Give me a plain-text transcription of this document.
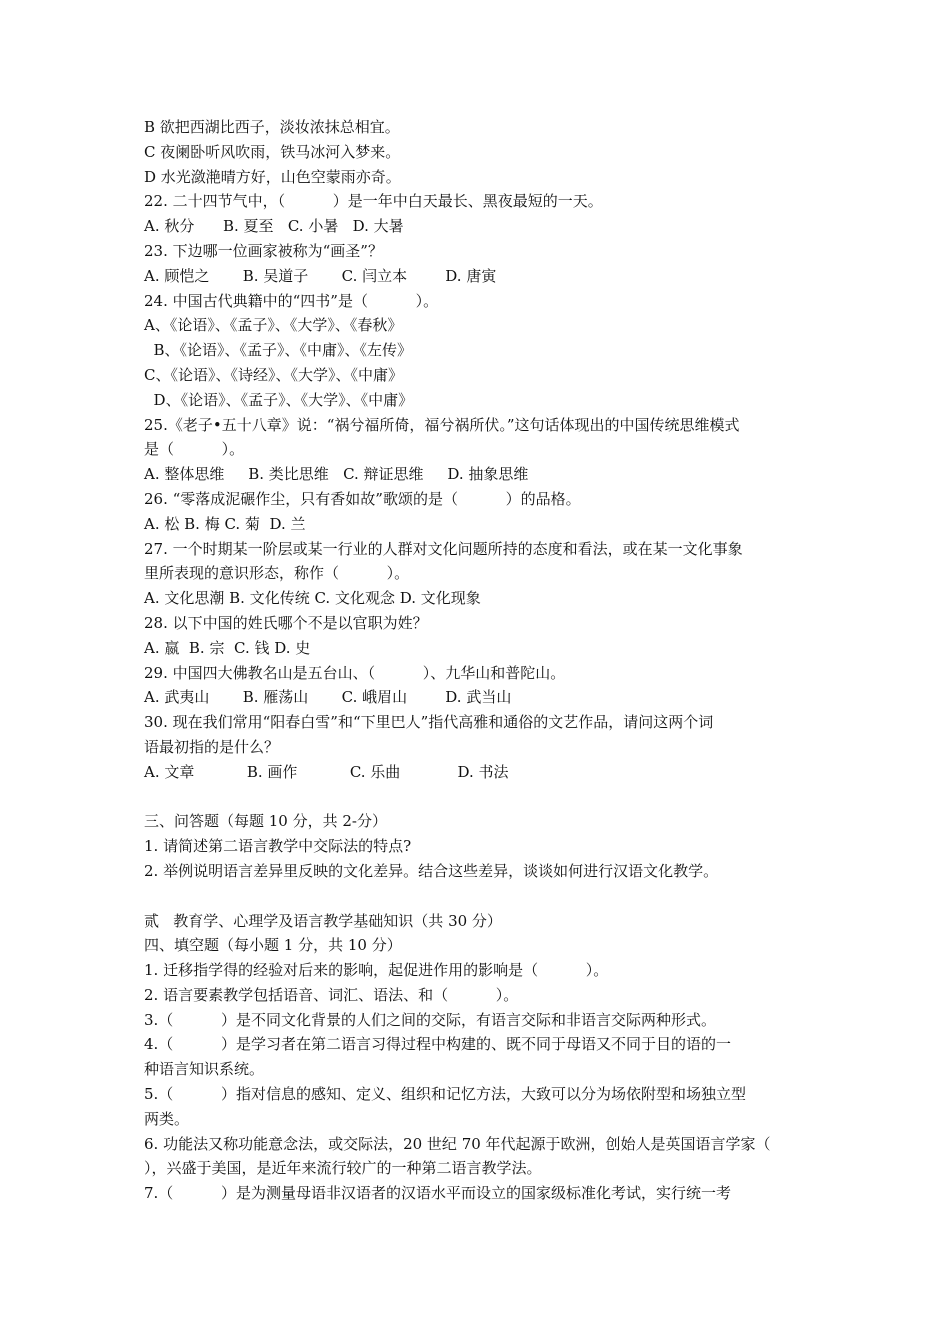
B 欲把西湖比西子，淡妆浓抹总相宜。
C 夜阑卧听风吹雨，铁马冰河入梦来。
D 水光潋滟晴方好，山色空蒙雨亦奇。
22. 二十四节气中，（          ）是一年中白天最长、黑夜最短的一天。
A. 秋分      B. 夏至   C. 小暑   D. 大暑
23. 下边哪一位画家被称为“画圣”？
A. 顾恺之       B. 吴道子       C. 闫立本        D. 唐寅
24. 中国古代典籍中的“四书”是（          ）。
A、《论语》、《孟子》、《大学》、《春秋》
B、《论语》、《孟子》、《中庸》、《左传》
C、《论语》、《诗经》、《大学》、《中庸》
D、《论语》、《孟子》、《大学》、《中庸》
25.《老子•五十八章》说：“祸兮福所倚，福兮祸所伏。”这句话体现出的中国传统思维模式
是（          ）。
A. 整体思维     B. 类比思维   C. 辩证思维     D. 抽象思维
26. “零落成泥碾作尘，只有香如故”歌颂的是（          ）的品格。
A. 松 B. 梅 C. 菊  D. 兰
27. 一个时期某一阶层或某一行业的人群对文化问题所持的态度和看法，或在某一文化事象
里所表现的意识形态，称作（          ）。
A. 文化思潮 B. 文化传统 C. 文化观念 D. 文化现象
28. 以下中国的姓氏哪个不是以官职为姓？
A. 嬴  B. 宗  C. 钱 D. 史
29. 中国四大佛教名山是五台山、（          ）、九华山和普陀山。
A. 武夷山       B. 雁荡山       C. 峨眉山        D. 武当山
30. 现在我们常用“阳春白雪”和“下里巴人”指代高雅和通俗的文艺作品，请问这两个词
语最初指的是什么？
A. 文章           B. 画作           C. 乐曲            D. 书法
三、问答题（每题 10 分，共 2-分）
1. 请简述第二语言教学中交际法的特点?
2. 举例说明语言差异里反映的文化差异。结合这些差异，谈谈如何进行汉语文化教学。
贰   教育学、心理学及语言教学基础知识（共 30 分）
四、填空题（每小题 1 分，共 10 分）
1. 迁移指学得的经验对后来的影响，起促进作用的影响是（          ）。
2. 语言要素教学包括语音、词汇、语法、和（          ）。
3.（          ）是不同文化背景的人们之间的交际，有语言交际和非语言交际两种形式。
4.（          ）是学习者在第二语言习得过程中构建的、既不同于母语又不同于目的语的一
种语言知识系统。
5.（          ）指对信息的感知、定义、组织和记忆方法，大致可以分为场依附型和场独立型
两类。
6. 功能法又称功能意念法，或交际法，20 世纪 70 年代起源于欧洲，创始人是英国语言学家（
），兴盛于美国，是近年来流行较广的一种第二语言教学法。
7.（          ）是为测量母语非汉语者的汉语水平而设立的国家级标准化考试，实行统一考
